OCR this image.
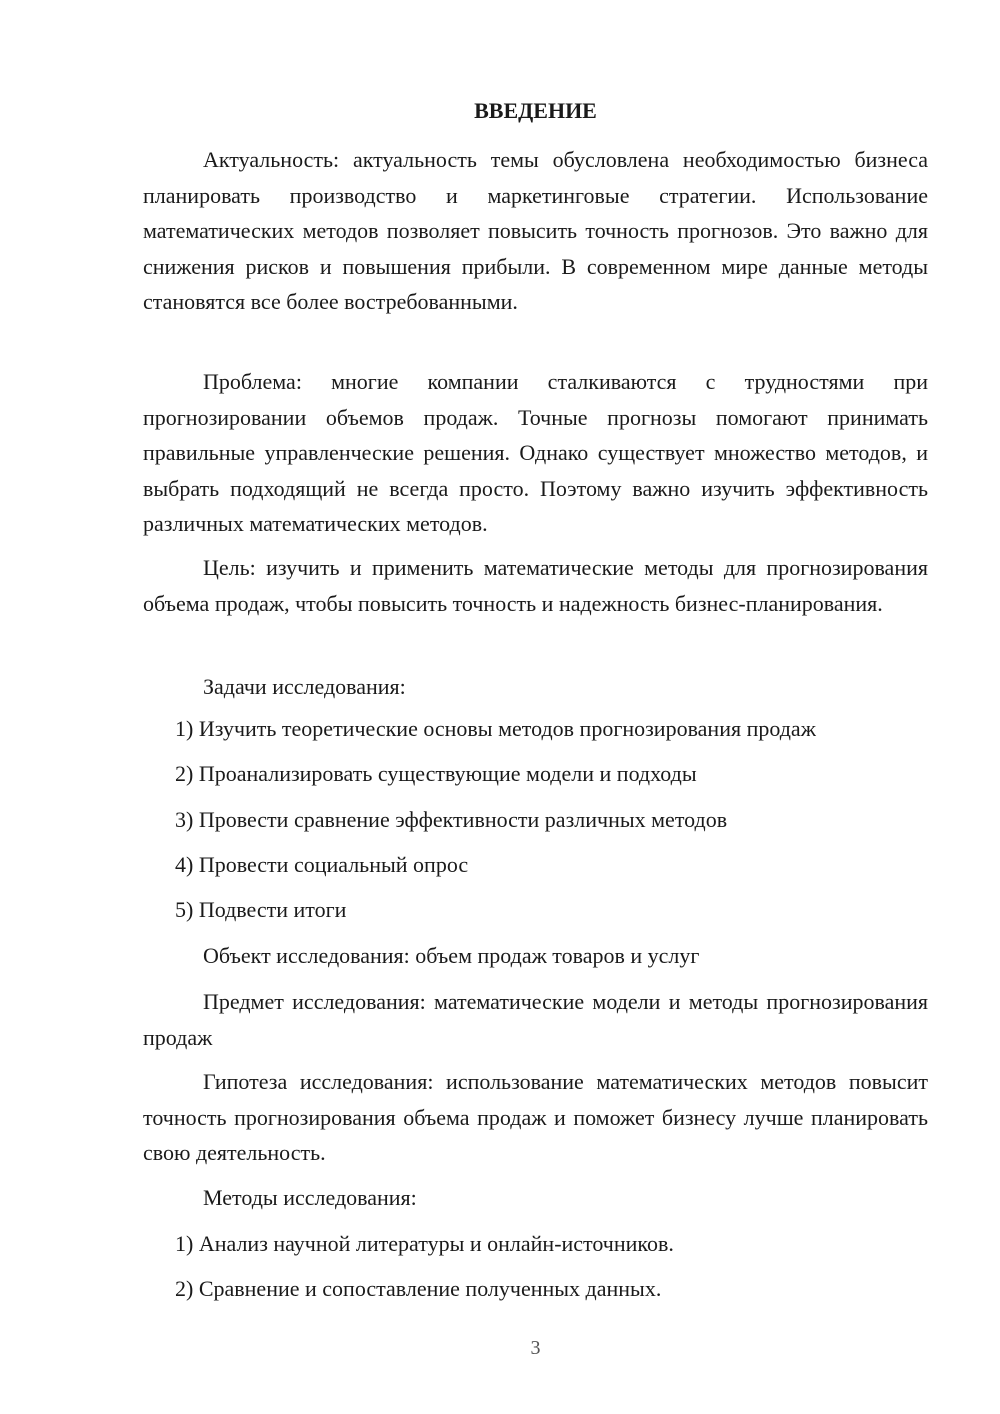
ВВЕДЕНИЕ

Актуальность: актуальность темы обусловлена необходимостью бизнеса планировать производство и маркетинговые стратегии. Использование математических методов позволяет повысить точность прогнозов. Это важно для снижения рисков и повышения прибыли. В современном мире данные методы становятся все более востребованными.

Проблема: многие компании сталкиваются с трудностями при прогнозировании объемов продаж. Точные прогнозы помогают принимать правильные управленческие решения. Однако существует множество методов, и выбрать подходящий не всегда просто. Поэтому важно изучить эффективность различных математических методов.

Цель: изучить и применить математические методы для прогнозирования объема продаж, чтобы повысить точность и надежность бизнес-планирования.

Задачи исследования:

1) Изучить теоретические основы методов прогнозирования продаж

2) Проанализировать существующие модели и подходы

3) Провести сравнение эффективности различных методов

4) Провести социальный опрос

5) Подвести итоги

Объект исследования: объем продаж товаров и услуг

Предмет исследования: математические модели и методы прогнозирования продаж

Гипотеза исследования: использование математических методов повысит точность прогнозирования объема продаж и поможет бизнесу лучше планировать свою деятельность.

Методы исследования:

1) Анализ научной литературы и онлайн-источников.

2) Сравнение и сопоставление полученных данных.

3
